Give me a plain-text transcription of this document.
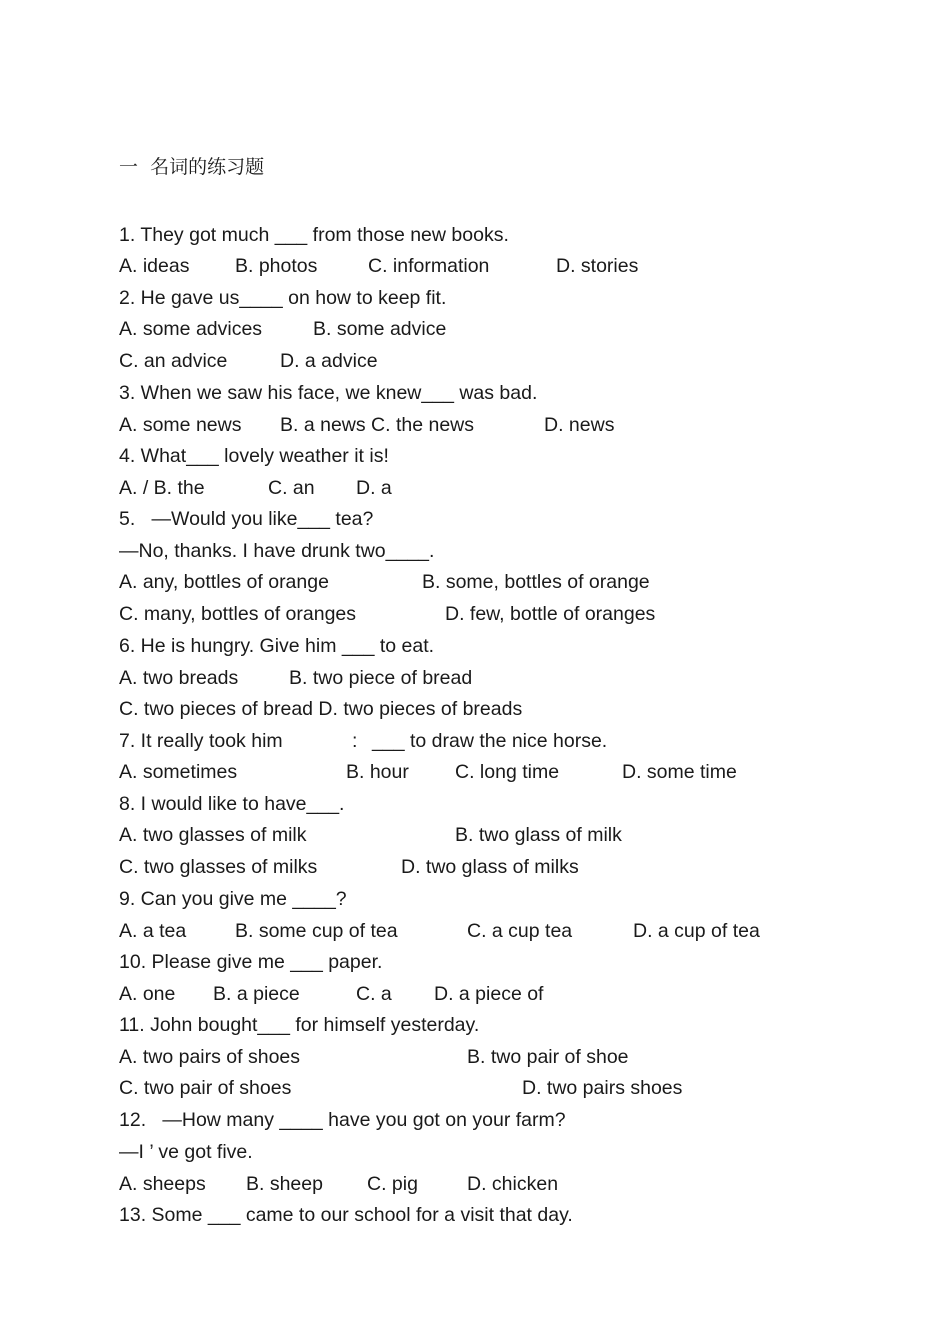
一 名词的练习题
1. They got much ___ from those new books.
A. ideas B. photos	C. information	D. stories
2. He gave us____ on how to keep fit.
A. some advices	B. some advice
C. an advice	D. a advice
3. When we saw his face, we knew___ was bad.
A. some news B. a news C. the news	D. news
4. What___ lovely weather it is!
A. / B. the	C. an D. a
5.   —Would you like___ tea?
—No, thanks. I have drunk two____.
A. any, bottles of orange	B. some, bottles of orange
C. many, bottles of oranges	D. few, bottle of oranges
6. He is hungry. Give him ___ to eat.
A. two breads	B. two piece of bread
C. two pieces of bread D. two pieces of breads
7. It really took him	: ___ to draw the nice horse.
A. sometimes	B. hour C. long time	D. some time
8. I would like to have___.
A. two glasses of milk	B. two glass of milk
C. two glasses of milks	D. two glass of milks
9. Can you give me ____?
A. a tea	B. some cup of tea	C. a cup tea	D. a cup of tea
10. Please give me ___ paper.
A. one B. a piece	C. a D. a piece of
11. John bought___ for himself yesterday.
A. two pairs of shoes	B. two pair of shoe
C. two pair of shoes	D. two pairs shoes
12.   —How many ____ have you got on your farm?
—I ’ ve got five.
A. sheeps B. sheep C. pig	D. chicken
13. Some ___ came to our school for a visit that day.
